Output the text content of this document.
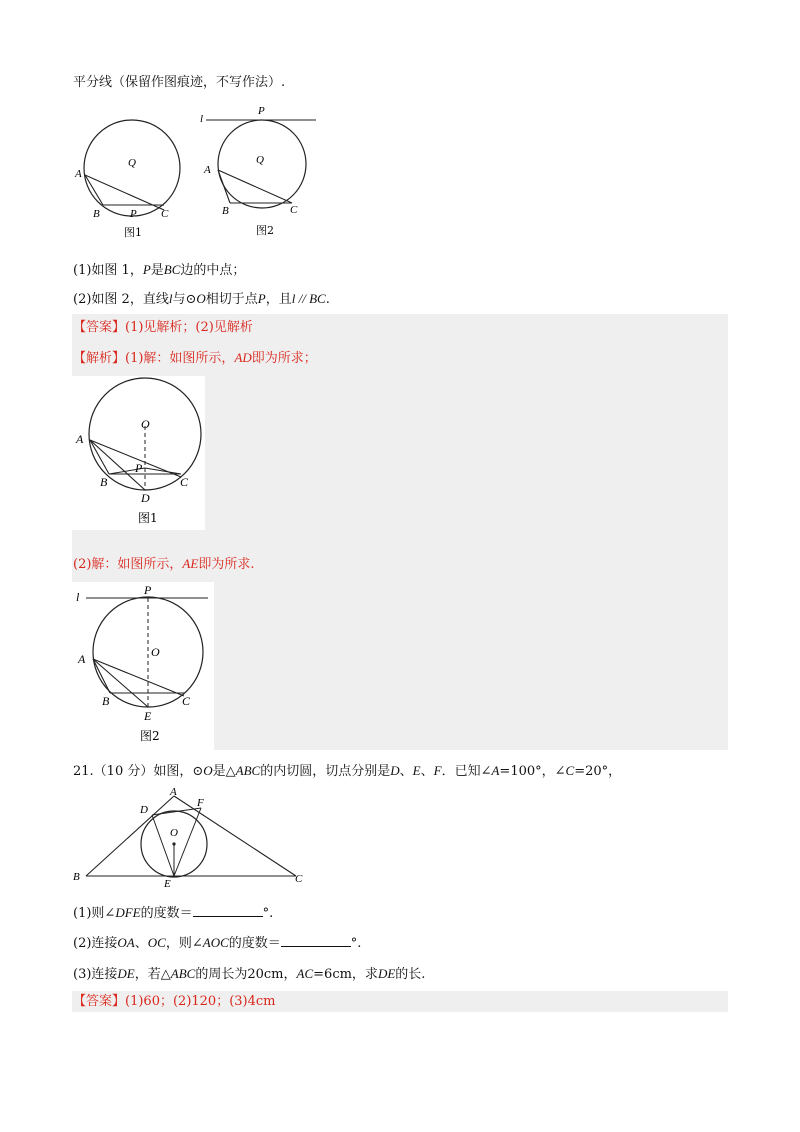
平分线（保留作图痕迹，不写作法）.
A
B	C
P
Q
图1
l
P
A
B	C
Q
图2
(1)如图 1，P是BC边的中点；
(2)如图 2，直线l与⊙O相切于点P，且l // BC.
【答案】(1)见解析；(2)见解析
【解析】(1)解：如图所示，AD即为所求；
O
A
B	C
P
D
图1
(2)解：如图所示，AE即为所求.
l	P
O
A
B	C
E
图2
21.（10 分）如图，⊙O是△ABC的内切圆，切点分别是D、E、F．已知∠A=100°，∠C=20°，
A
D
F
O
B	C
E
(1)则∠DFE的度数＝	°.
(2)连接OA、OC，则∠AOC的度数＝	°.
(3)连接DE，若△ABC的周长为20cm，AC=6cm，求DE的长.
【答案】(1)60；(2)120；(3)4cm
